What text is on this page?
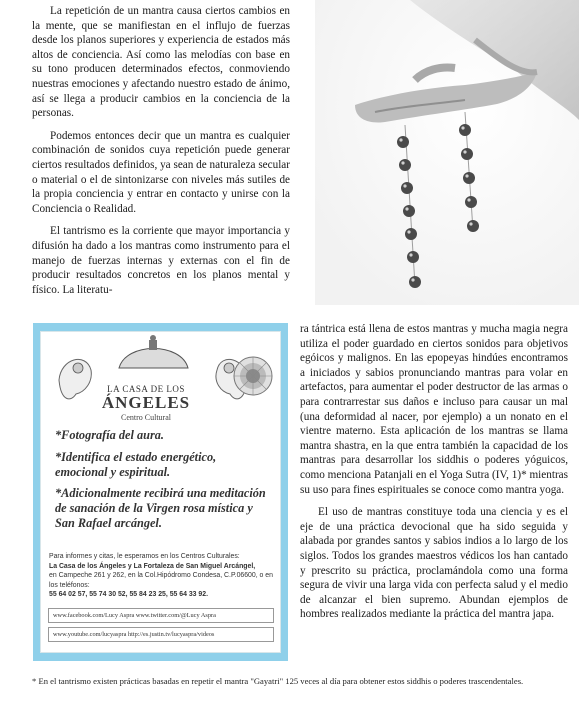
La repetición de un mantra causa ciertos cambios en la mente, que se manifiestan en el influjo de fuerzas desde los planos superiores y experiencia de estados más altos de conciencia. Así como las melodías con base en su tono producen determinados efectos, conmoviendo nuestras emociones y afectando nuestro estado de ánimo, así se llega a producir cambios en la conciencia de la personas.

Podemos entonces decir que un mantra es cualquier combinación de sonidos cuya repetición puede generar ciertos resultados definidos, ya sean de naturaleza secular o material o el de sintonizarse con niveles más sutiles de la propia conciencia y entrar en contacto y unirse con la Conciencia o Realidad.

El tantrismo es la corriente que mayor importancia y difusión ha dado a los mantras como instrumento para el manejo de fuerzas internas y externas con el fin de producir resultados concretos en los planos mental y físico. La literatu-

LA CASA DE LOS
ÁNGELES
Centro Cultural
*Fotografía del aura.
*Identifica el estado energético, emocional y espiritual.
*Adicionalmente recibirá una meditación de sanación de la Virgen rosa mística y San Rafael arcángel.
Para informes y citas, le esperamos en los Centros Culturales:
La Casa de los Ángeles y La Fortaleza de San Miguel Arcángel,
en Campeche 261 y 262, en la Col.Hipódromo Condesa, C.P.06600, o en los teléfonos:
55 64 02 57, 55 74 30 52, 55 84 23 25, 55 64 33 92.
www.facebook.com/Lucy Aspra www.twitter.com/@Lucy Aspra
www.youtube.com/lucyaspra http://es.justin.tv/lucyaspra/videos

ra tántrica está llena de estos mantras y mucha magia negra utiliza el poder guardado en ciertos sonidos para objetivos egóicos y malignos. En las epopeyas hindúes encontramos a iniciados y sabios pronunciando mantras para volar en artefactos, para aumentar el poder destructor de las armas o para contrarrestar sus daños e incluso para causar un mal (una deformidad al nacer, por ejemplo) a un nonato en el vientre materno. Esta aplicación de los mantras se llama mantra shastra, en la que entra también la capacidad de los mantras para desarrollar los siddhis o poderes yóguicos, como menciona Patanjali en el Yoga Sutra (IV, 1)* mientras su uso para fines espirituales se conoce como mantra yoga.

El uso de mantras constituye toda una ciencia y es el eje de una práctica devocional que ha sido seguida y alabada por grandes santos y sabios indios a lo largo de los siglos. Todos los grandes maestros védicos los han cantado y prescrito su práctica, proclamándola como una forma segura de vivir una larga vida con perfecta salud y el medio de alcanzar el bien supremo. Abundan ejemplos de hombres realizados mediante la práctica del mantra japa.

* En el tantrismo existen prácticas basadas en repetir el mantra "Gayatri" 125 veces al día para obtener estos siddhis o poderes trascendentales.
